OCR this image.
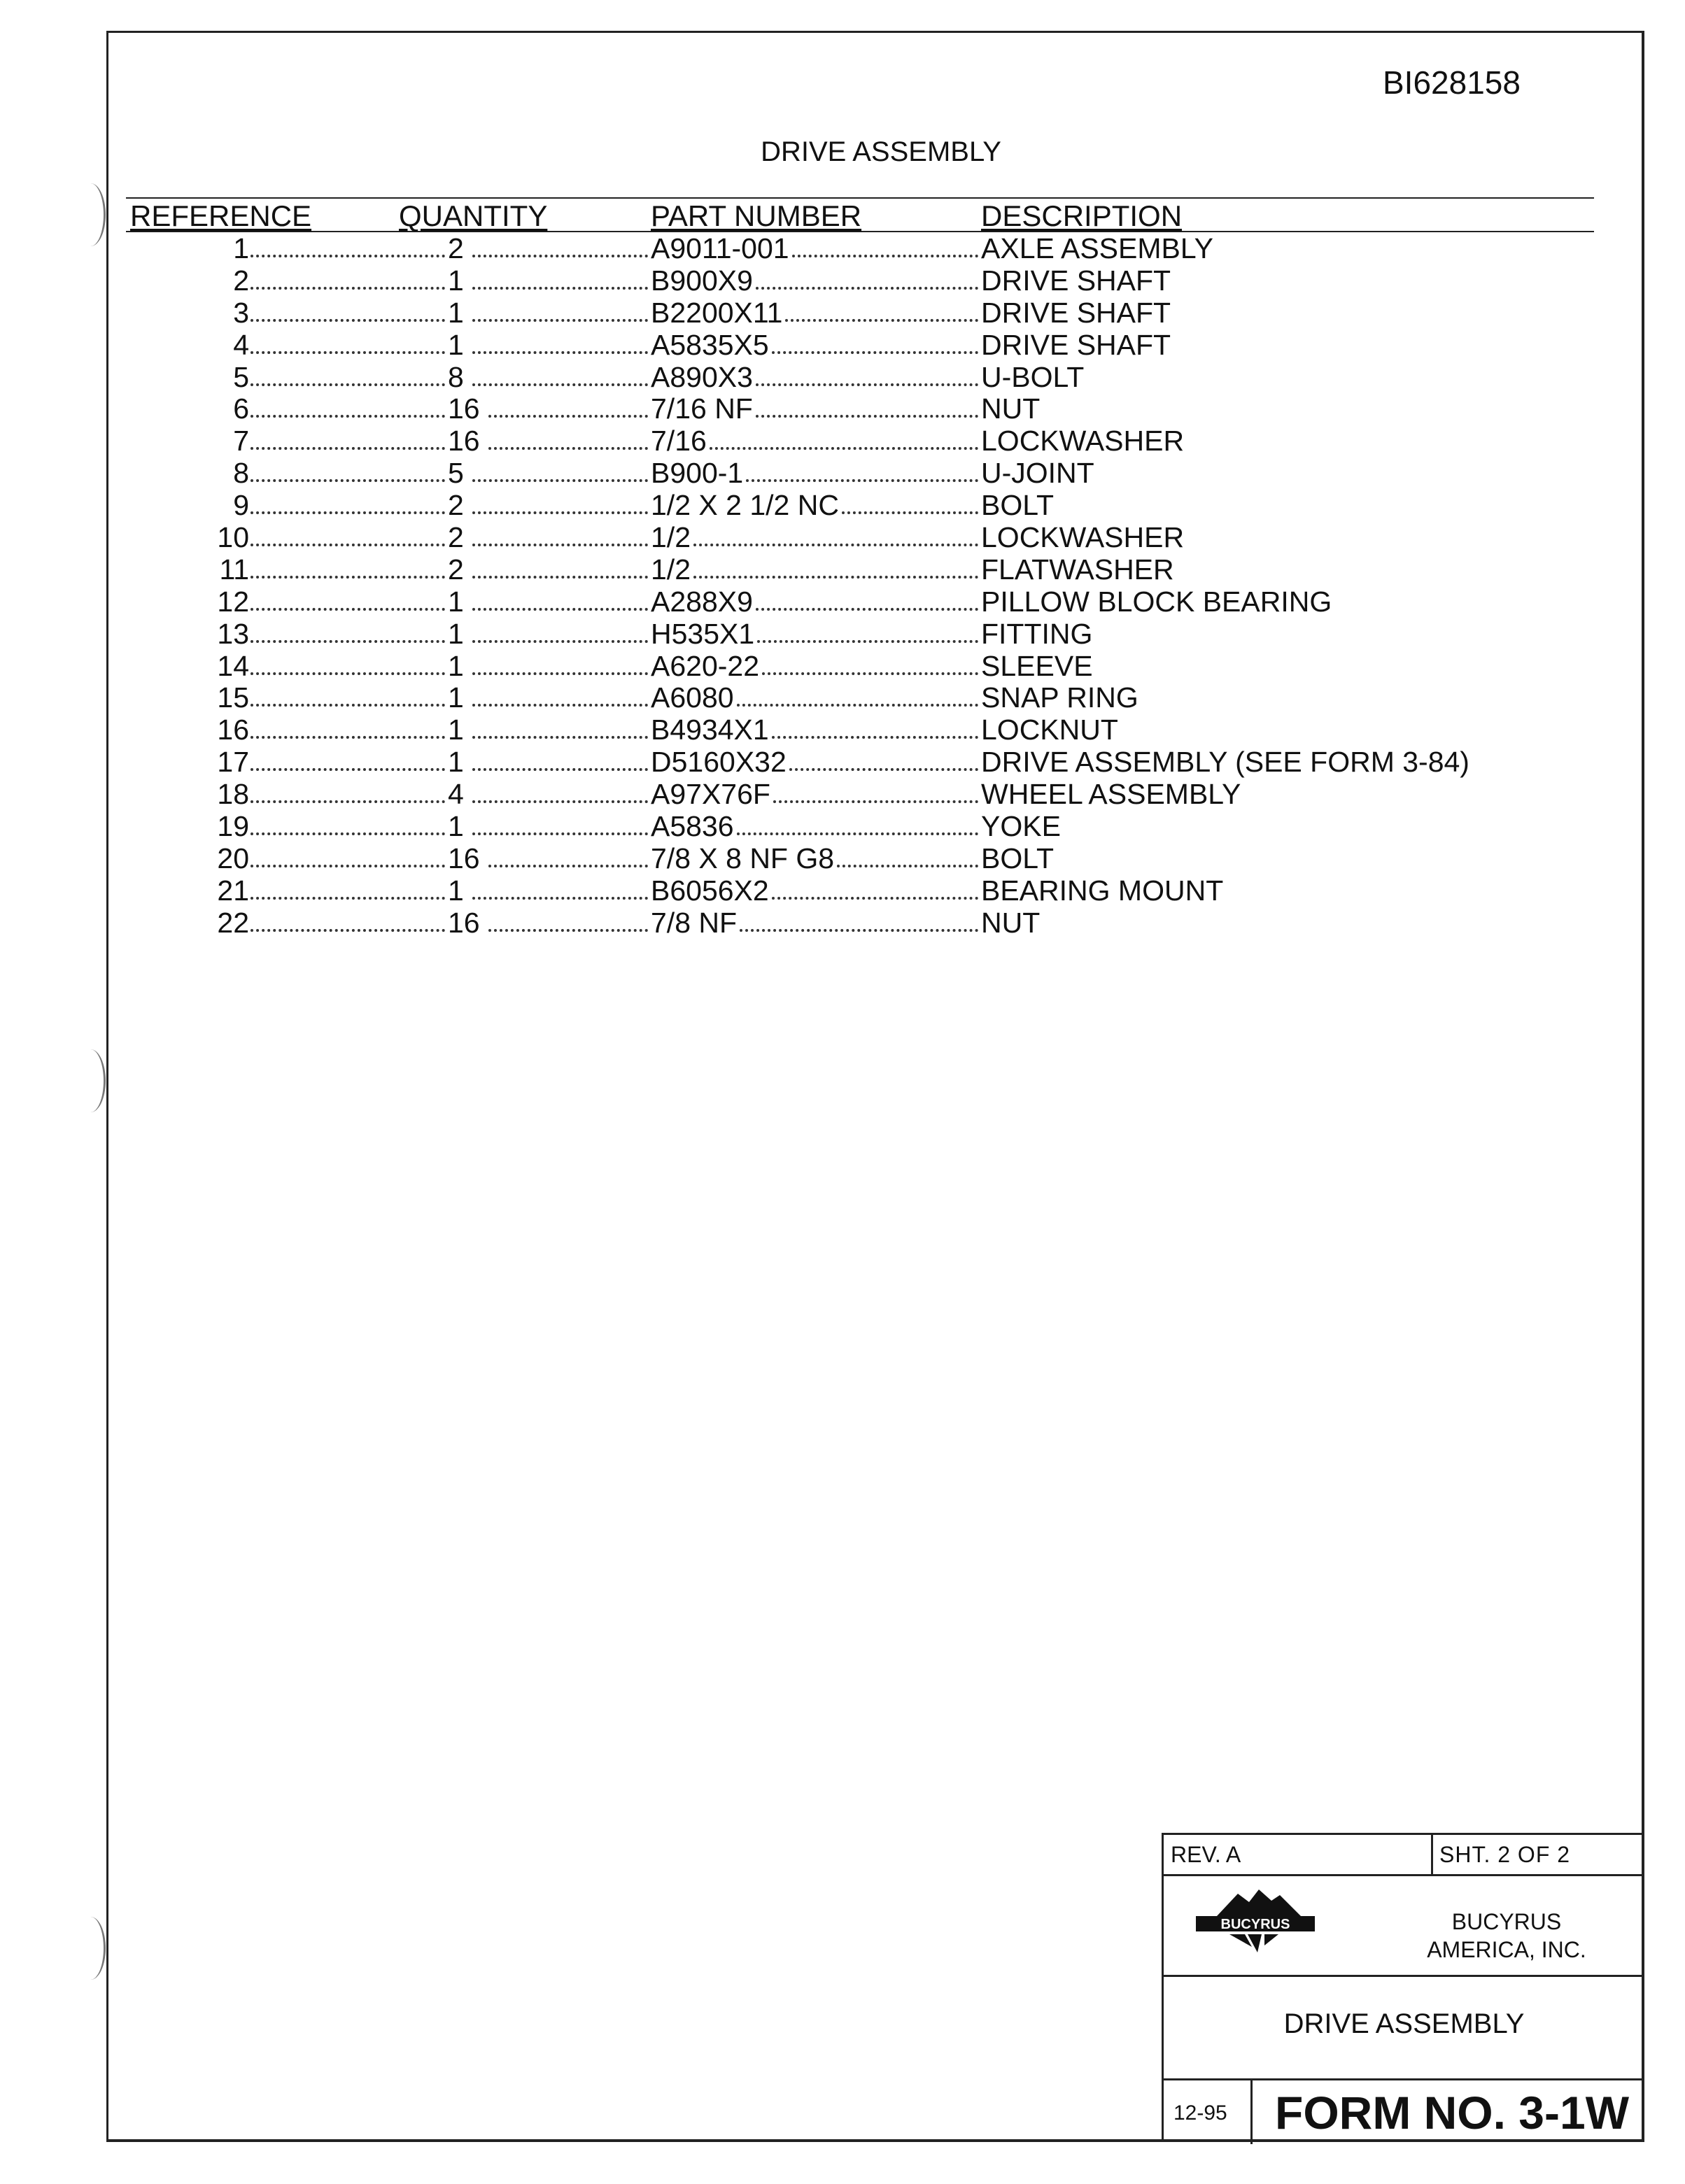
BI628158
DRIVE ASSEMBLY
REFERENCE	QUANTITY	PART NUMBER	DESCRIPTION
1	2	A9011-001	AXLE ASSEMBLY
2	1	B900X9	DRIVE SHAFT
3	1	B2200X11	DRIVE SHAFT
4	1	A5835X5	DRIVE SHAFT
5	8	A890X3	U-BOLT
6	16	7/16 NF	NUT
7	16	7/16	LOCKWASHER
8	5	B900-1	U-JOINT
9	2	1/2 X 2 1/2 NC	BOLT
10	2	1/2	LOCKWASHER
11	2	1/2	FLATWASHER
12	1	A288X9	PILLOW BLOCK BEARING
13	1	H535X1	FITTING
14	1	A620-22	SLEEVE
15	1	A6080	SNAP RING
16	1	B4934X1	LOCKNUT
17	1	D5160X32	DRIVE ASSEMBLY (SEE FORM 3-84)
18	4	A97X76F	WHEEL ASSEMBLY
19	1	A5836	YOKE
20	16	7/8 X 8 NF G8	BOLT
21	1	B6056X2	BEARING MOUNT
22	16	7/8 NF	NUT
REV. A	SHT. 2 OF 2
BUCYRUS	BUCYRUS
AMERICA, INC.
DRIVE ASSEMBLY
12-95	FORM NO. 3-1W
